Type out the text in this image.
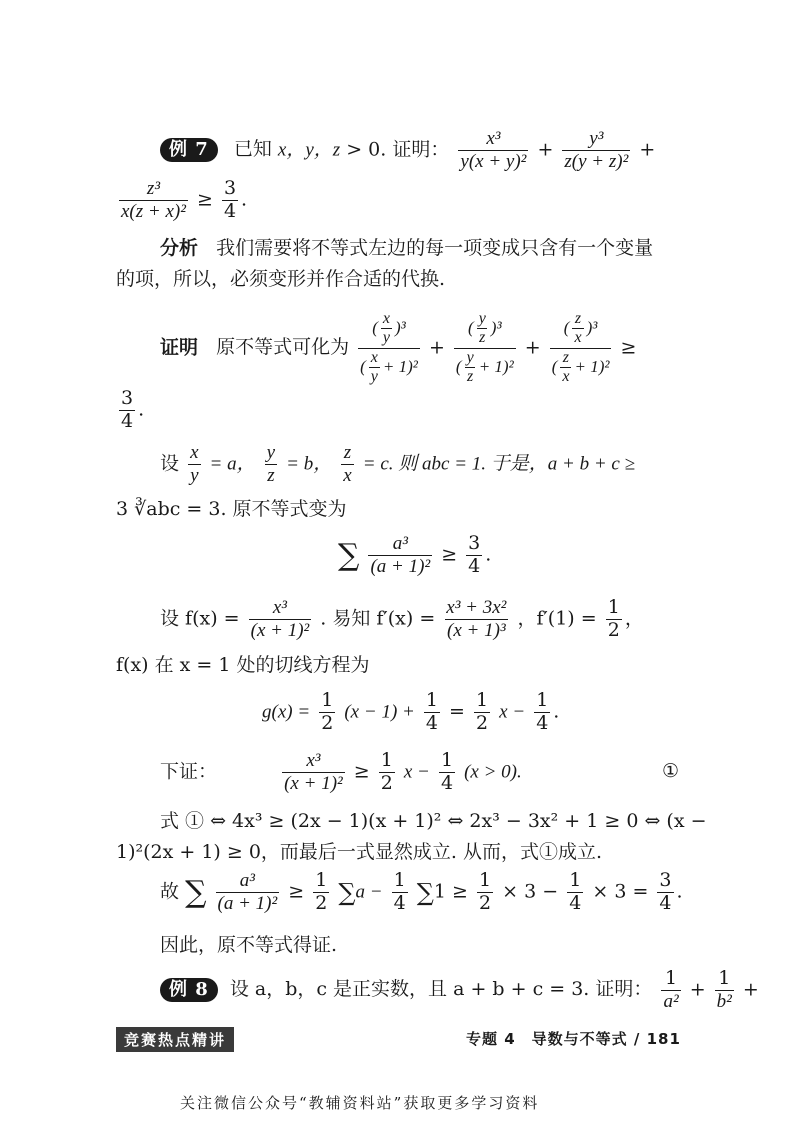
例 7 已知 x，y，z > 0. 证明： $\frac{\text{x³}}{\text{y(x + y)²}} + \frac{\text{y³}}{\text{z(y + z)²}}$ +
$\frac{\text{z³}}{\text{x(z + x)²}} \ge \frac{3}{4}$ .
分析 我们需要将不等式左边的每一项变成只含有一个变量
的项，所以，必须变形并作合适的代换.
证明 原不等式可化为 $\frac{( \frac{x}{y} )^3}{( \frac{x}{y} + 1)^2} + \frac{( \frac{y}{z} )^3}{( \frac{y}{z} + 1)^2} + \frac{( \frac{z}{x} )^3}{( \frac{z}{x} + 1)^2}$ ≥
$\frac{3}{4}$ .
设 $\frac{x}{y} = a$， $\frac{y}{z} = b$， $\frac{z}{x} = c$. 则 abc = 1. 于是，a + b + c ≥
3 ∛abc = 3. 原不等式变为
∑ $\frac{\text{a³}}{\text{(a + 1)²}} \ge \frac{3}{4}$ .
设 $f(x) = \frac{\text{x³}}{\text{(x + 1)²}}$ . 易知 $f'(x) = \frac{\text{x³ + 3x²}}{\text{(x + 1)³}}$ ，$f'(1) = \frac{1}{2}$ ，
f(x) 在 x = 1 处的切线方程为
$g(x) = \frac{1}{2} (x - 1) + \frac{1}{4} = \frac{1}{2}$ $x - \frac{1}{4}$ .
下证：	$\frac{\text{x³}}{\text{(x + 1)²}} \ge \frac{1}{2}$ $x - \frac{1}{4} (x > 0)$.	①
式 ① ⇔ 4x³ ≥ (2x − 1)(x + 1)² ⇔ 2x³ − 3x² + 1 ≥ 0 ⇔ (x −
1)²(2x + 1) ≥ 0，而最后一式显然成立. 从而，式①成立.
故 ∑ $\frac{\text{a³}}{\text{(a + 1)²}} \ge \frac{1}{2} \sum a - \frac{1}{4} \sum 1 \ge \frac{1}{2} \times 3 - \frac{1}{4} \times 3 = \frac{3}{4}$ .
因此，原不等式得证.
例 8 设 a，b，c 是正实数，且 a + b + c = 3. 证明： $\frac{1}{\text{a²}} + \frac{1}{\text{b²}}$ +
竞赛热点精讲	专题 4　导数与不等式 / 181
关注微信公众号“教辅资料站”获取更多学习资料
